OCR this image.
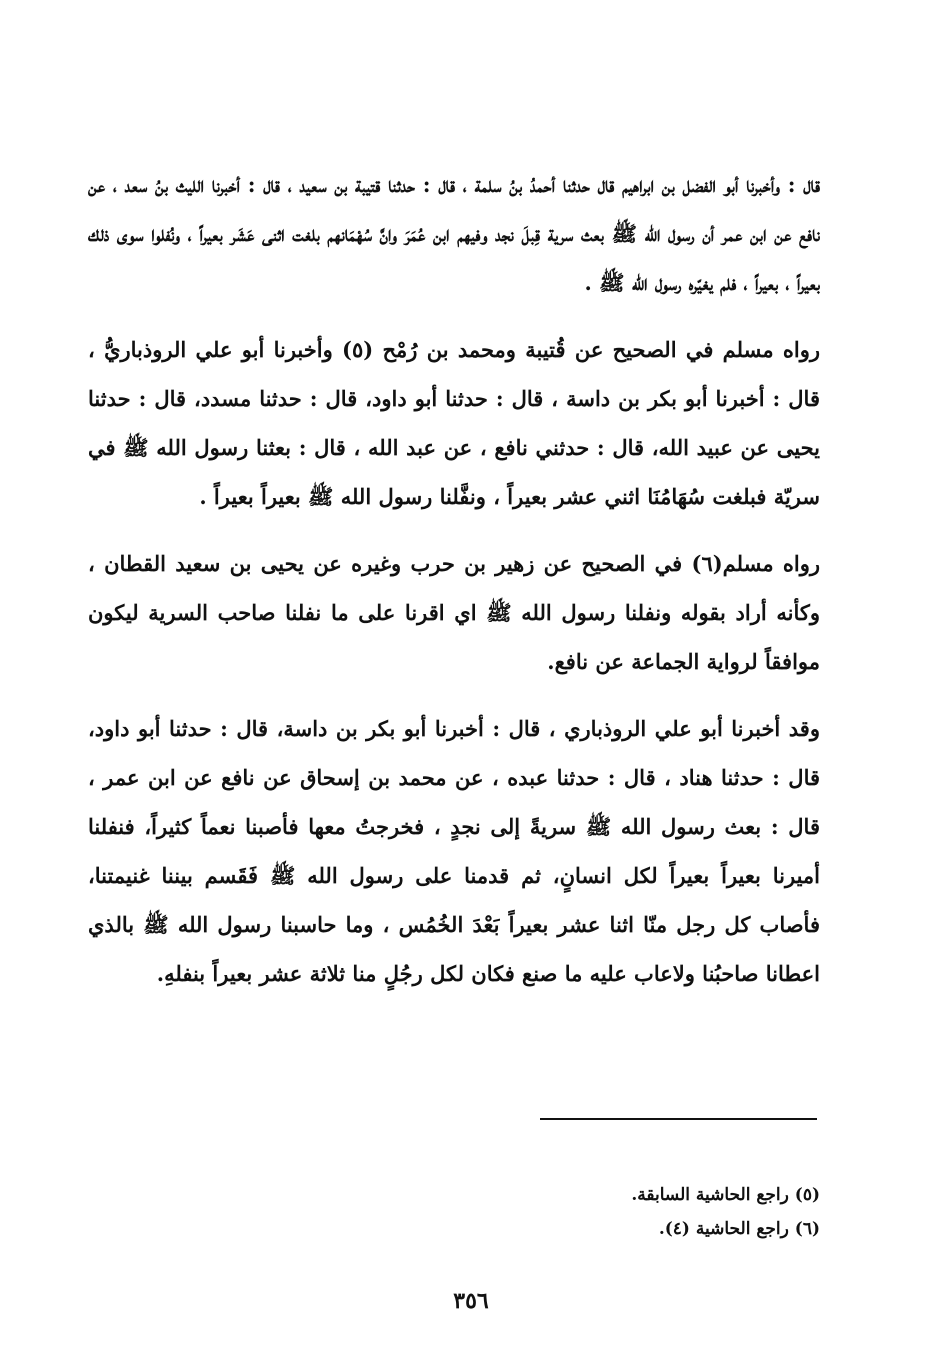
قال : وأخبرنا أبو الفضل بن ابراهيم قال حدثنا أحمدُ بنُ سلمة ، قال : حدثنا قتيبة بن سعيد ، قال : أخبرنا الليث بنُ سعد ، عن نافع عن ابن عمر أن رسول الله ﷺ بعث سرية قِبلَ نجد وفيهم ابن عُمَرَ وانَّ سُهْمَانهم بلغت اثنى عَشَر بعيراً ، ونُفلوا سوى ذلك بعيراً ، بعيراً ، فلم يغيّره رسول الله ﷺ .

رواه مسلم في الصحيح عن قُتيبة ومحمد بن رُمْح (٥) وأخبرنا أبو علي الروذباريُّ ، قال : أخبرنا أبو بكر بن داسة ، قال : حدثنا أبو داود، قال : حدثنا مسدد، قال : حدثنا يحيى عن عبيد الله، قال : حدثني نافع ، عن عبد الله ، قال : بعثنا رسول الله ﷺ في سريّة فبلغت سُهَامُنَا اثني عشر بعيراً ، ونفَّلنا رسول الله ﷺ بعيراً بعيراً .

رواه مسلم(٦) في الصحيح عن زهير بن حرب وغيره عن يحيى بن سعيد القطان ، وكأنه أراد بقوله ونفلنا رسول الله ﷺ اي اقرنا على ما نفلنا صاحب السرية ليكون موافقاً لرواية الجماعة عن نافع.

وقد أخبرنا أبو علي الروذباري ، قال : أخبرنا أبو بكر بن داسة، قال : حدثنا أبو داود، قال : حدثنا هناد ، قال : حدثنا عبده ، عن محمد بن إسحاق عن نافع عن ابن عمر ، قال : بعث رسول الله ﷺ سريةً إلى نجدٍ ، فخرجتُ معها فأصبنا نعماً كثيراً، فنفلنا أميرنا بعيراً بعيراً لكل انسانٍ، ثم قدمنا على رسول الله ﷺ فَقَسم بيننا غنيمتنا، فأصاب كل رجل منّا اثنا عشر بعيراً بَعْدَ الخُمُس ، وما حاسبنا رسول الله ﷺ بالذي اعطانا صاحبُنا ولاعاب عليه ما صنع فكان لكل رجُلٍ منا ثلاثة عشر بعيراً بنفلهِ.

(٥) راجع الحاشية السابقة.

(٦) راجع الحاشية (٤).

٣٥٦
